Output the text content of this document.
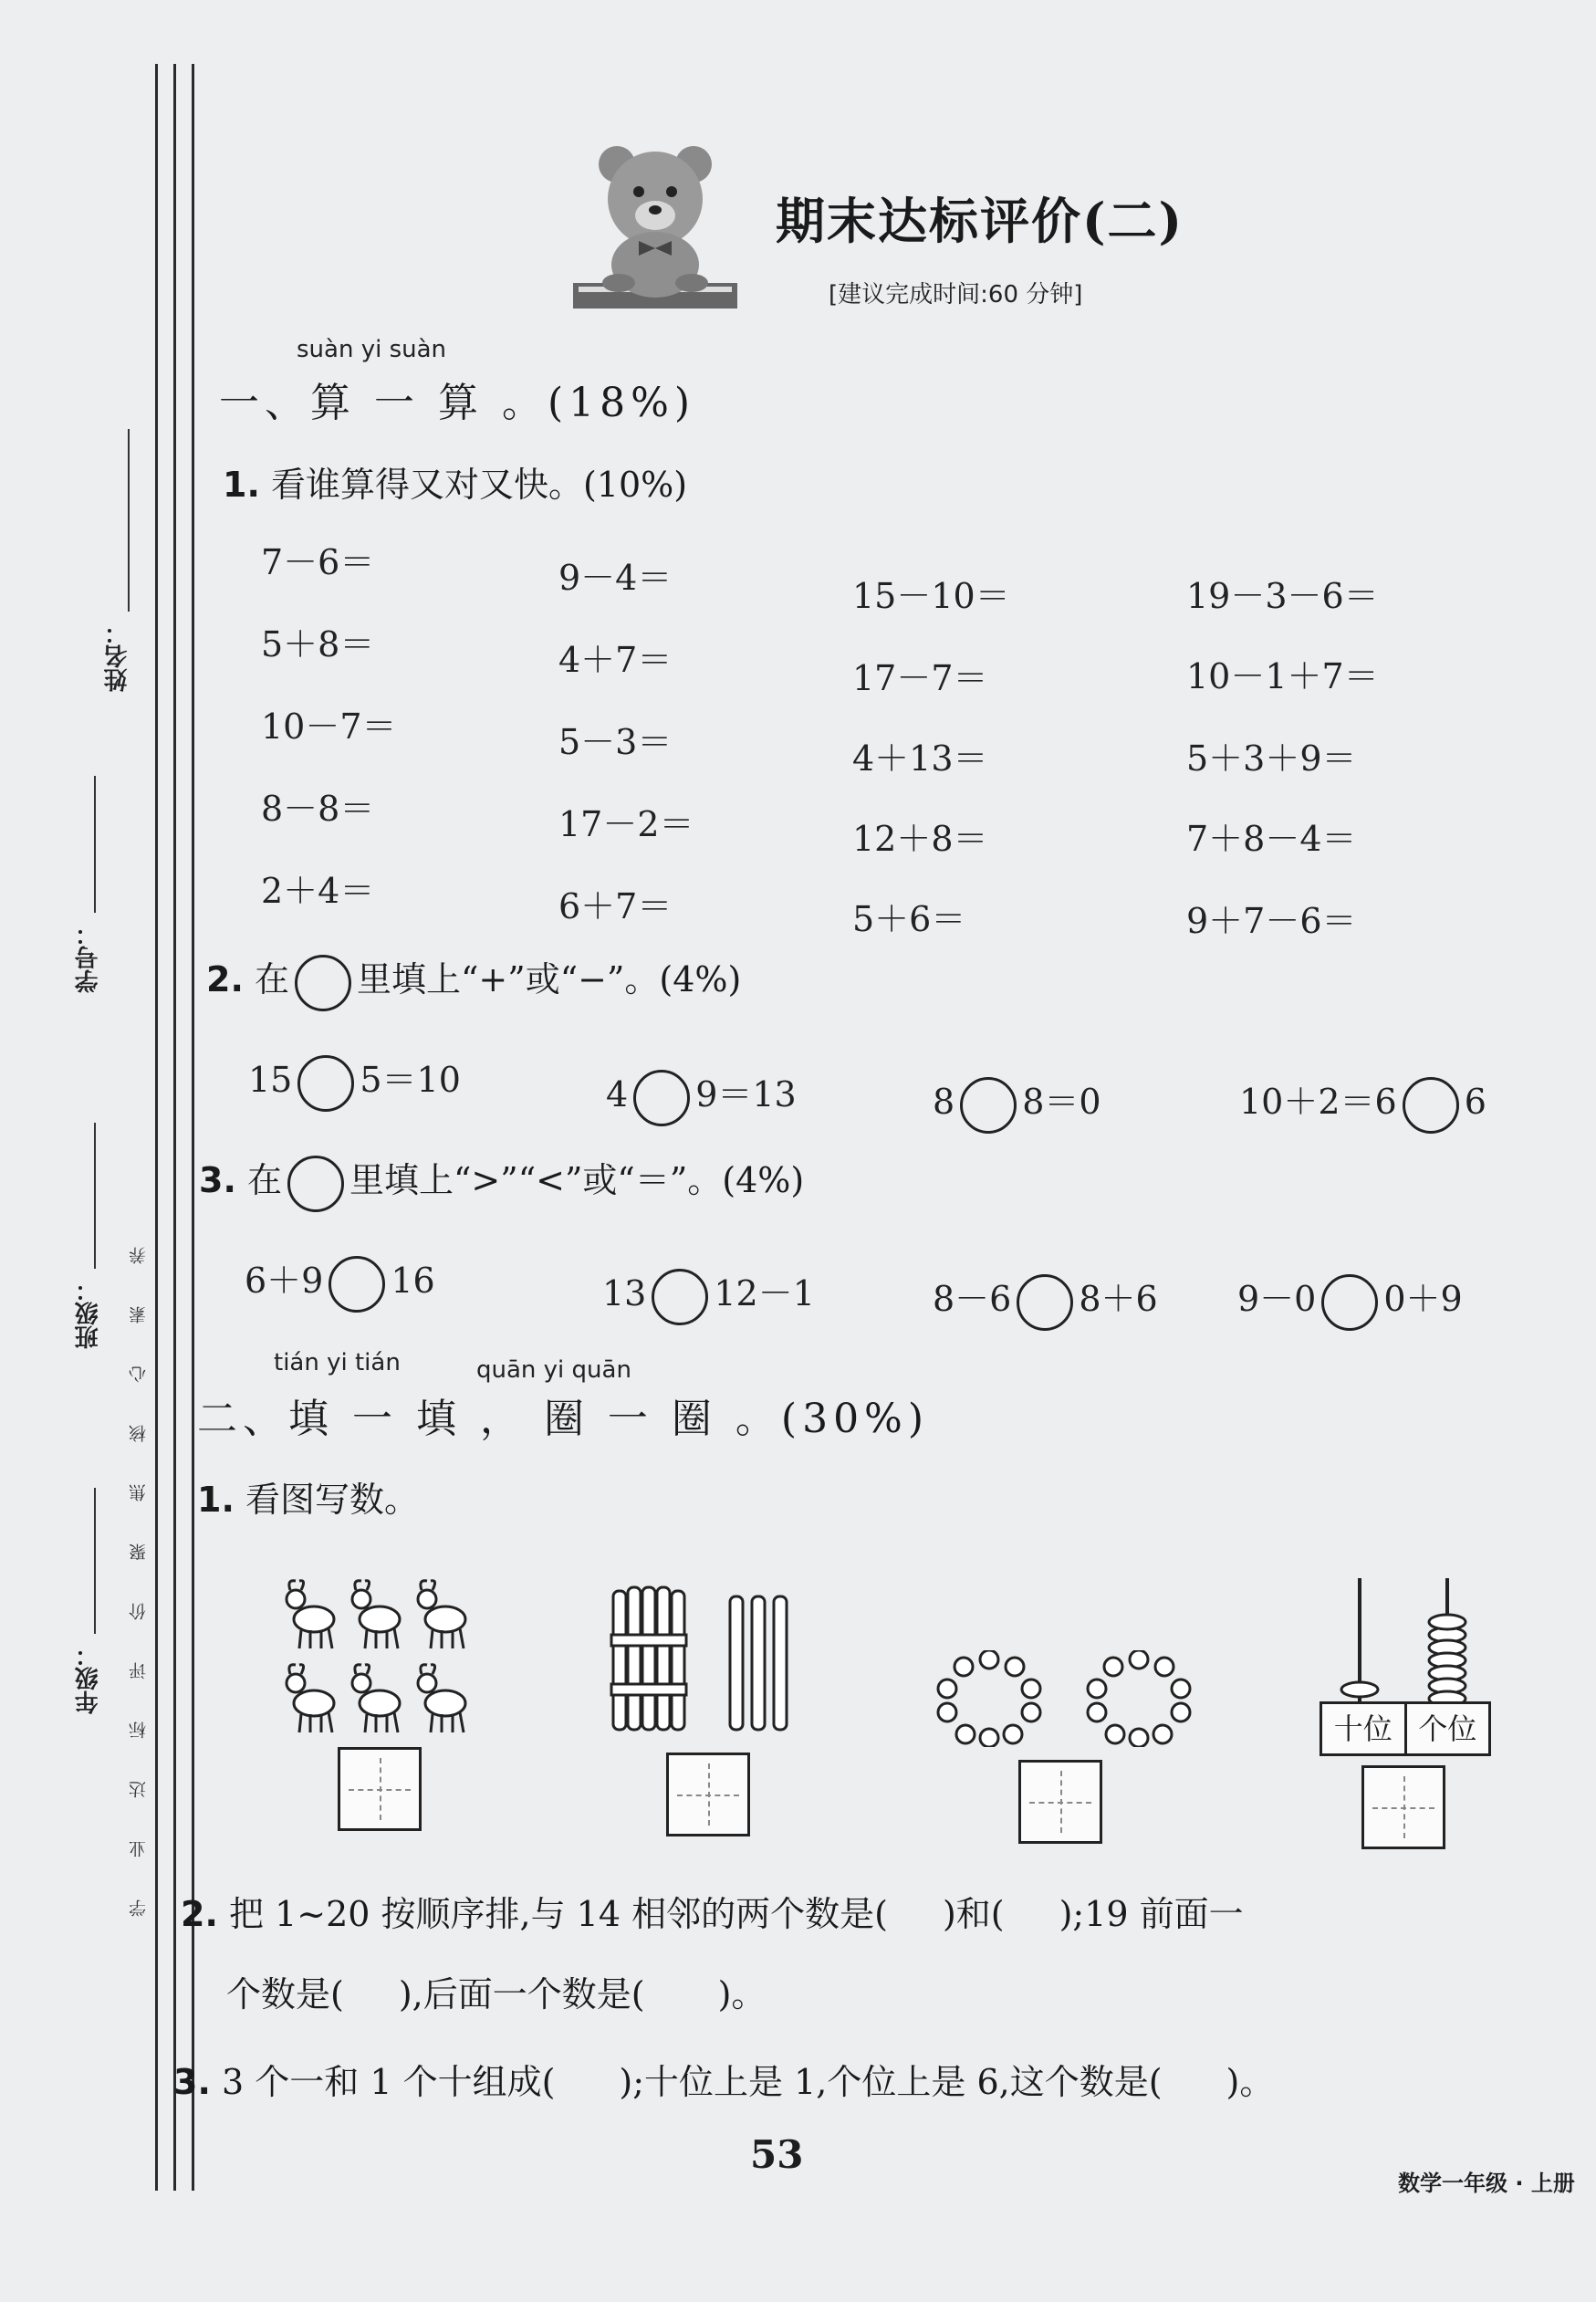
年级：
班级：
学号：
姓名：
学业达标评价聚焦核心素养
期末达标评价(二)
[建议完成时间:60 分钟]
suàn yi suàn
一、算 一 算 。(18%)
1. 看谁算得又对又快。(10%)
7－6＝
5＋8＝
10－7＝
8－8＝
2＋4＝
9－4＝
4＋7＝
5－3＝
17－2＝
6＋7＝
15－10＝
17－7＝
4＋13＝
12＋8＝
5＋6＝
19－3－6＝
10－1＋7＝
5＋3＋9＝
7＋8－4＝
9＋7－6＝
2. 在 里填上“+”或“−”。(4%)
15 5＝10	4 9＝13	8 8＝0	10＋2＝6 6
3. 在 里填上“>”“<”或“＝”。(4%)
6＋9 16	13 12－1	8－6 8＋6 9－0 0＋9
tián yi tián	quān yi quān
二、填 一 填 ， 圈 一 圈 。(30%)
1. 看图写数。
十位 个位
2. 把 1~20 按顺序排,与 14 相邻的两个数是( )和( );19 前面一
个数是( ),后面一个数是( )。
3. 3 个一和 1 个十组成( );十位上是 1,个位上是 6,这个数是( )。
53
数学一年级 · 上册
